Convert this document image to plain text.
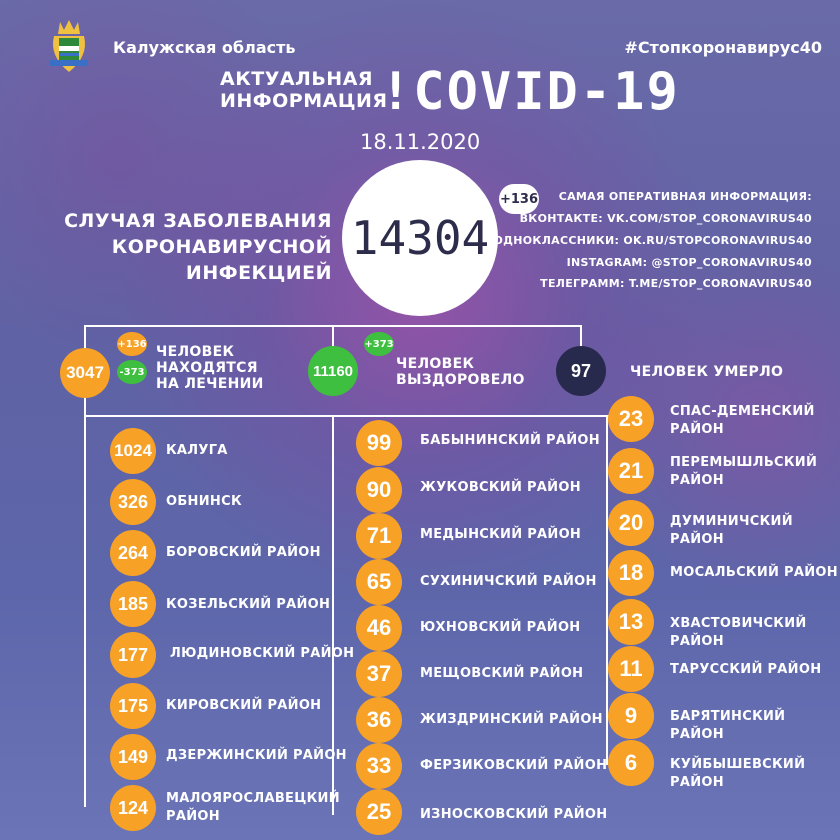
Калужская область	#Стопкоронавирус40
АКТУАЛЬНАЯ
ИНФОРМАЦИЯ
!COVID-19
18.11.2020
СЛУЧАЯ ЗАБОЛЕВАНИЯ
КОРОНАВИРУСНОЙ ИНФЕКЦИЕЙ
14304
+136 САМАЯ ОПЕРАТИВНАЯ ИНФОРМАЦИЯ:
ВКОНТАКТЕ: VK.COM/STOP_CORONAVIRUS40
ОДНОКЛАССНИКИ: OK.RU/STOPCORONAVIRUS40
INSTAGRAM: @STOP_CORONAVIRUS40
ТЕЛЕГРАММ: T.ME/STOP_CORONAVIRUS40
3047
+136
-373
ЧЕЛОВЕК
НАХОДЯТСЯ
НА ЛЕЧЕНИИ
11160
+373
ЧЕЛОВЕК
ВЫЗДОРОВЕЛО	97	ЧЕЛОВЕК УМЕРЛО
1024 КАЛУГА
326 ОБНИНСК
264 БОРОВСКИЙ РАЙОН
185 КОЗЕЛЬСКИЙ РАЙОН
177 ЛЮДИНОВСКИЙ РАЙОН
175 КИРОВСКИЙ РАЙОН
149 ДЗЕРЖИНСКИЙ РАЙОН
124 МАЛОЯРОСЛАВЕЦКИЙ
РАЙОН
99 БАБЫНИНСКИЙ РАЙОН
90 ЖУКОВСКИЙ РАЙОН
71 МЕДЫНСКИЙ РАЙОН
65 СУХИНИЧСКИЙ РАЙОН
46 ЮХНОВСКИЙ РАЙОН
37 МЕЩОВСКИЙ РАЙОН
36 ЖИЗДРИНСКИЙ РАЙОН
33 ФЕРЗИКОВСКИЙ РАЙОН
25 ИЗНОСКОВСКИЙ РАЙОН
23 СПАС-ДЕМЕНСКИЙ
РАЙОН
21 ПЕРЕМЫШЛЬСКИЙ
РАЙОН
20 ДУМИНИЧСКИЙ РАЙОН
18 МОСАЛЬСКИЙ РАЙОН
13 ХВАСТОВИЧСКИЙ РАЙОН
11 ТАРУССКИЙ РАЙОН
9	БАРЯТИНСКИЙ РАЙОН
6	КУЙБЫШЕВСКИЙ РАЙОН
